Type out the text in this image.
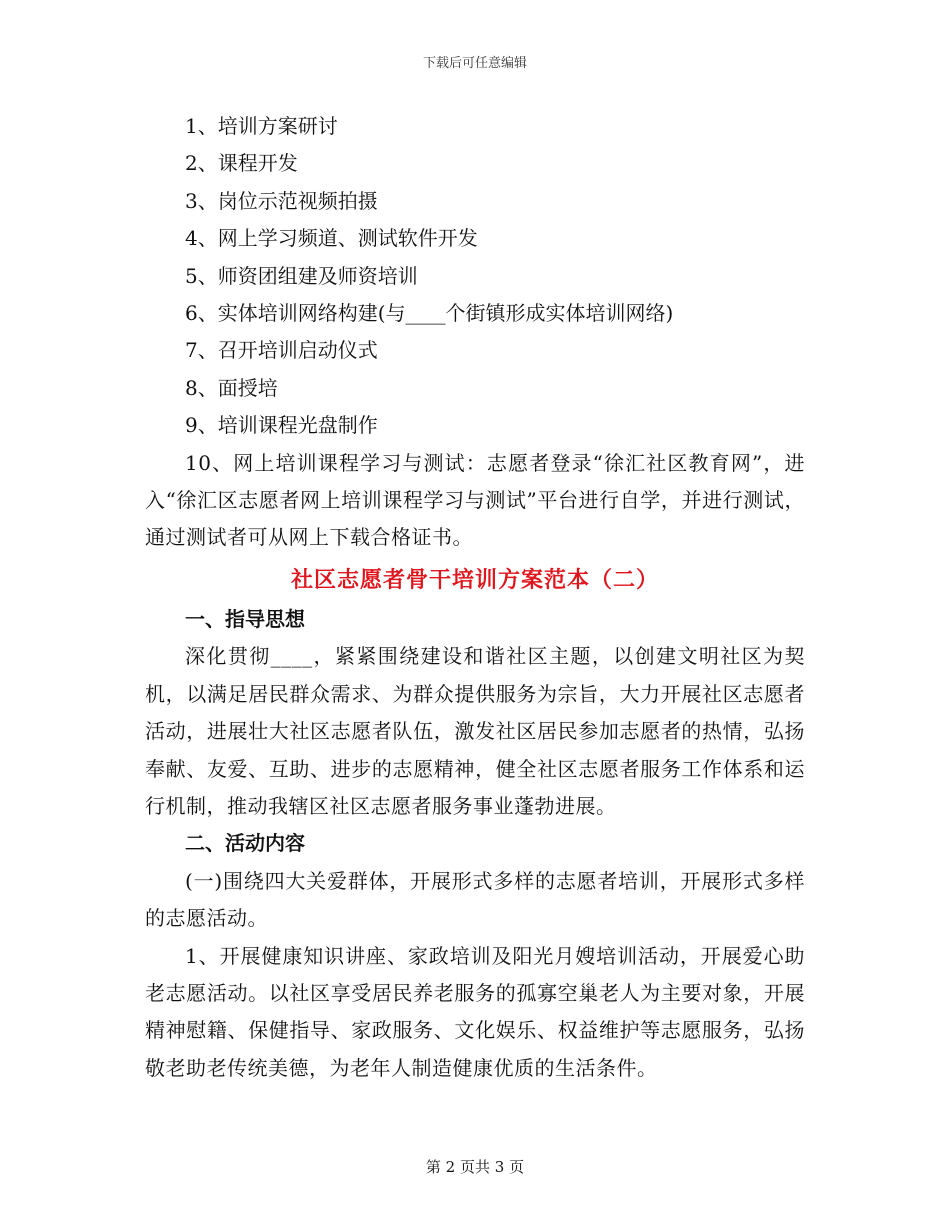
下载后可任意编辑
1、培训方案研讨
2、课程开发
3、岗位示范视频拍摄
4、网上学习频道、测试软件开发
5、师资团组建及师资培训
6、实体培训网络构建(与____个街镇形成实体培训网络)
7、召开培训启动仪式
8、面授培
9、培训课程光盘制作
10、网上培训课程学习与测试：志愿者登录“徐汇社区教育网”，进入“徐汇区志愿者网上培训课程学习与测试”平台进行自学，并进行测试，通过测试者可从网上下载合格证书。
社区志愿者骨干培训方案范本（二）
一、指导思想
深化贯彻____，紧紧围绕建设和谐社区主题，以创建文明社区为契机，以满足居民群众需求、为群众提供服务为宗旨，大力开展社区志愿者活动，进展壮大社区志愿者队伍，激发社区居民参加志愿者的热情，弘扬奉献、友爱、互助、进步的志愿精神，健全社区志愿者服务工作体系和运行机制，推动我辖区社区志愿者服务事业蓬勃进展。
二、活动内容
(一)围绕四大关爱群体，开展形式多样的志愿者培训，开展形式多样的志愿活动。
1、开展健康知识讲座、家政培训及阳光月嫂培训活动，开展爱心助老志愿活动。以社区享受居民养老服务的孤寡空巢老人为主要对象，开展精神慰籍、保健指导、家政服务、文化娱乐、权益维护等志愿服务，弘扬敬老助老传统美德，为老年人制造健康优质的生活条件。
第 2 页共 3 页
